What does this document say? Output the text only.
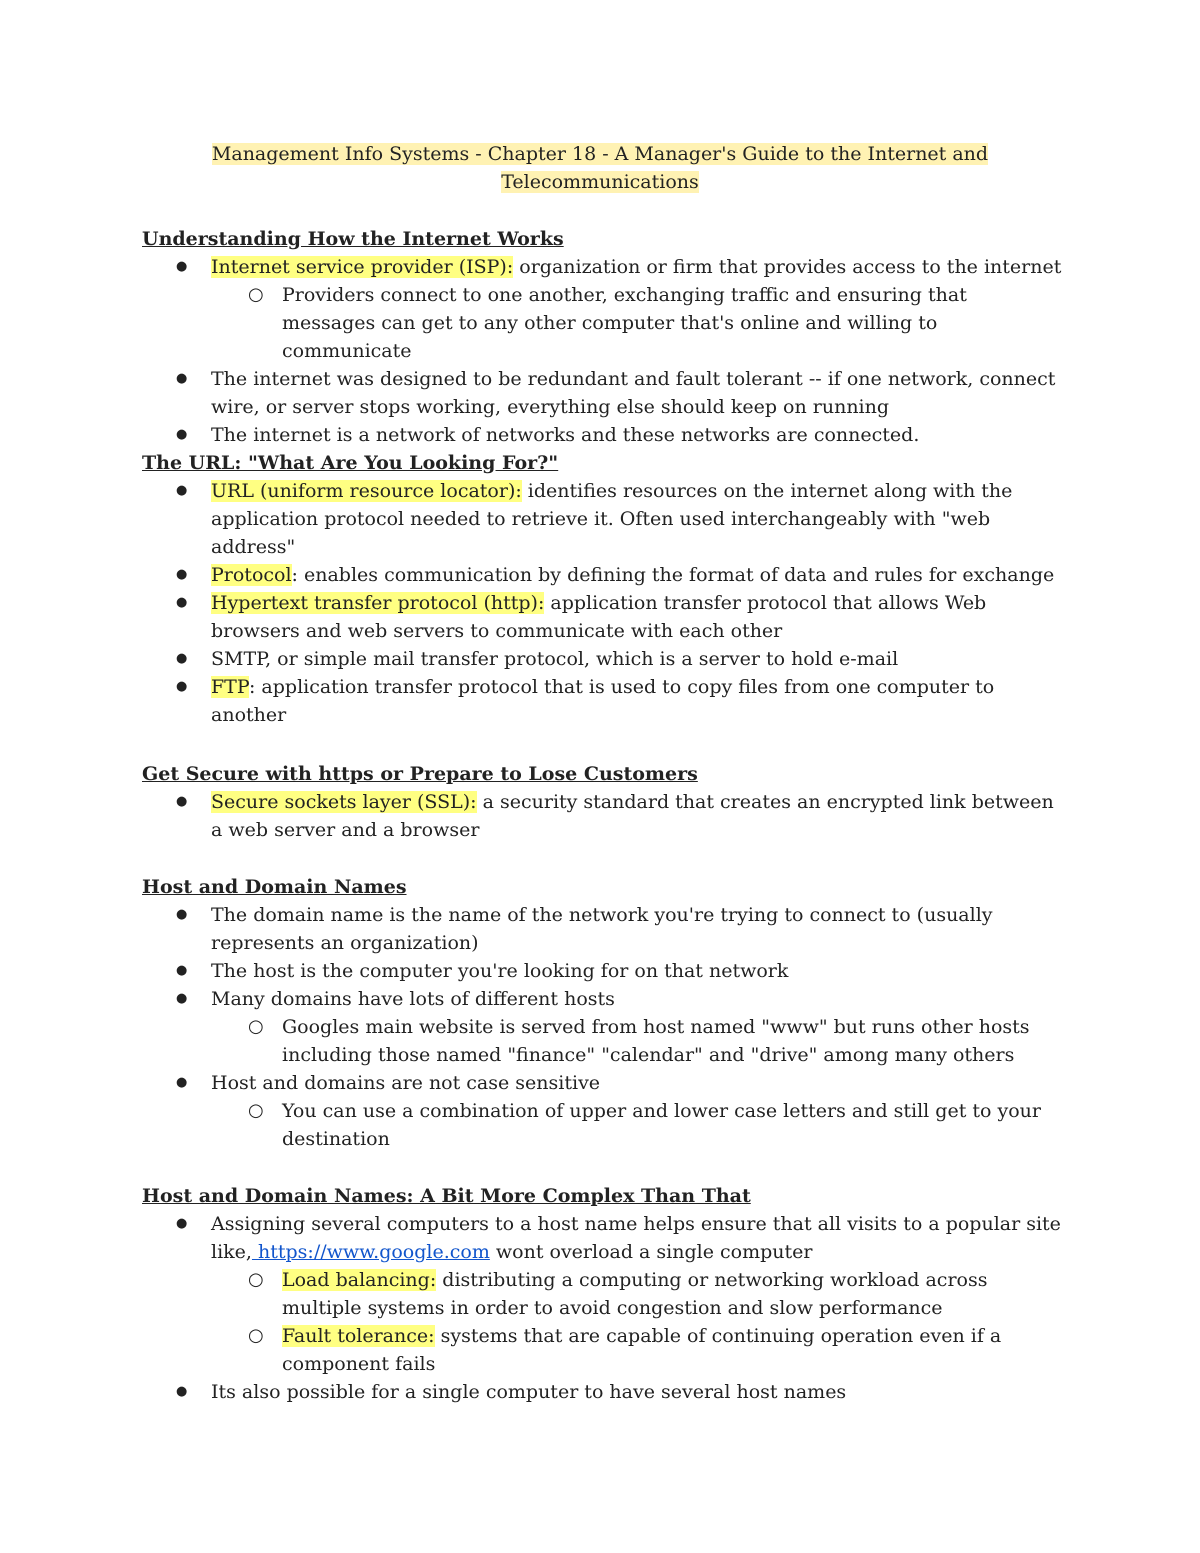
Management Info Systems - Chapter 18 - A Manager's Guide to the Internet and
Telecommunications
Understanding How the Internet Works
● Internet service provider (ISP): organization or firm that provides access to the internet
○ Providers connect to one another, exchanging traffic and ensuring that messages can get to any other computer that's online and willing to communicate
● The internet was designed to be redundant and fault tolerant -- if one network, connect wire, or server stops working, everything else should keep on running
● The internet is a network of networks and these networks are connected.
The URL: "What Are You Looking For?"
● URL (uniform resource locator): identifies resources on the internet along with the application protocol needed to retrieve it. Often used interchangeably with "web address"
● Protocol: enables communication by defining the format of data and rules for exchange
● Hypertext transfer protocol (http): application transfer protocol that allows Web browsers and web servers to communicate with each other
● SMTP, or simple mail transfer protocol, which is a server to hold e-mail
● FTP: application transfer protocol that is used to copy files from one computer to another
Get Secure with https or Prepare to Lose Customers
● Secure sockets layer (SSL): a security standard that creates an encrypted link between a web server and a browser
Host and Domain Names
● The domain name is the name of the network you're trying to connect to (usually represents an organization)
● The host is the computer you're looking for on that network
● Many domains have lots of different hosts
○ Googles main website is served from host named "www" but runs other hosts including those named "finance" "calendar" and "drive" among many others
● Host and domains are not case sensitive
○ You can use a combination of upper and lower case letters and still get to your destination
Host and Domain Names: A Bit More Complex Than That
● Assigning several computers to a host name helps ensure that all visits to a popular site like, https://www.google.com wont overload a single computer
○ Load balancing: distributing a computing or networking workload across multiple systems in order to avoid congestion and slow performance
○ Fault tolerance: systems that are capable of continuing operation even if a component fails
● Its also possible for a single computer to have several host names
